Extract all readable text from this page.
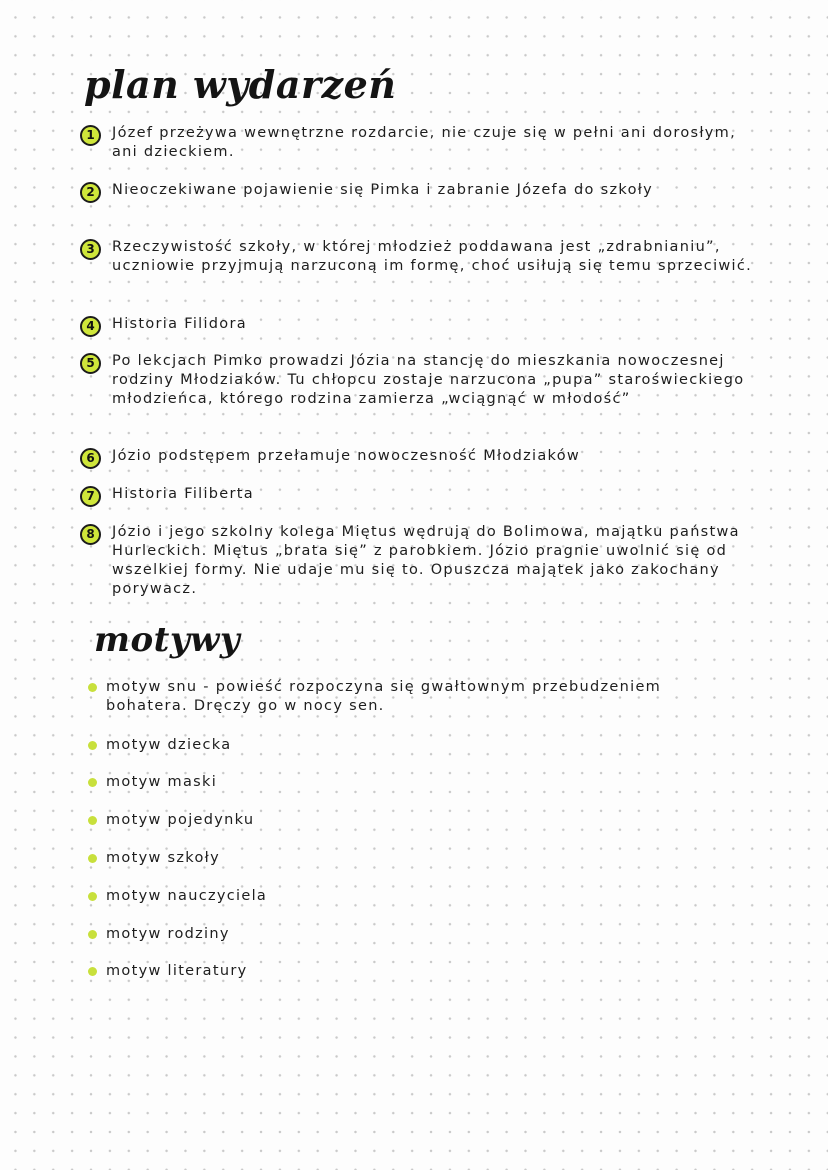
plan wydarzeń
1	Józef przeżywa wewnętrzne rozdarcie, nie czuje się w pełni ani dorosłym, ani dzieckiem.

2	Nieoczekiwane pojawienie się Pimka i zabranie Józefa do szkoły

3	Rzeczywistość szkoły, w której młodzież poddawana jest „zdrabnianiu”, uczniowie przyjmują narzuconą im formę, choć usiłują się temu sprzeciwić.

4	Historia Filidora

5	Po lekcjach Pimko prowadzi Józia na stancję do mieszkania nowoczesnej rodziny Młodziaków. Tu chłopcu zostaje narzucona „pupa” staroświeckiego młodzieńca, którego rodzina zamierza „wciągnąć w młodość”

6	Józio podstępem przełamuje nowoczesność Młodziaków

7	Historia Filiberta

8	Józio i jego szkolny kolega Miętus wędrują do Bolimowa, majątku państwa Hurleckich. Miętus „brata się” z parobkiem. Józio pragnie uwolnić się od wszelkiej formy. Nie udaje mu się to. Opuszcza majątek jako zakochany porywacz.

motywy

motyw snu - powieść rozpoczyna się gwałtownym przebudzeniem bohatera. Dręczy go w nocy sen.

motyw dziecka

motyw maski

motyw pojedynku

motyw szkoły

motyw nauczyciela

motyw rodziny

motyw literatury
